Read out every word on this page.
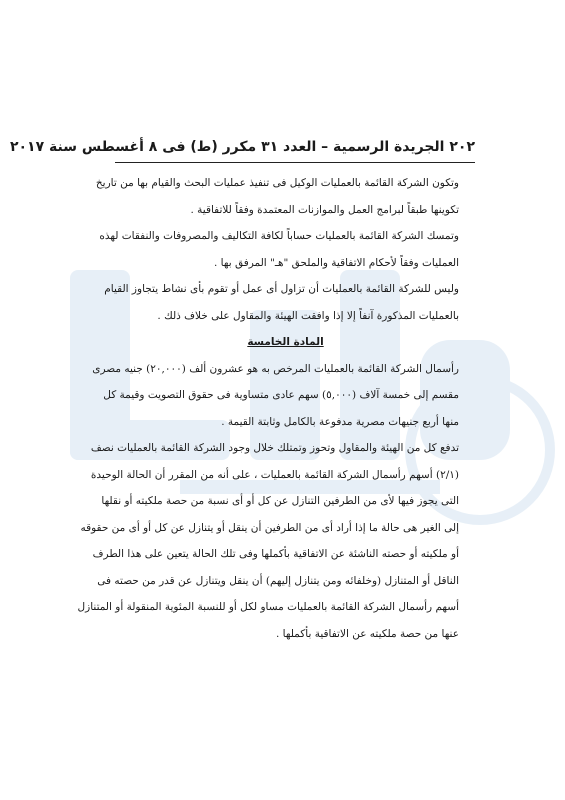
٢٠٢ الجريدة الرسمية – العدد ٣١ مكرر (ط) فى ٨ أغسطس سنة ٢٠١٧
وتكون الشركة القائمة بالعمليات الوكيل فى تنفيذ عمليات البحث والقيام بها من تاريخ
تكوينها طبقاً لبرامج العمل والموازنات المعتمدة وفقاً للاتفاقية .
وتمسك الشركة القائمة بالعمليات حساباً لكافة التكاليف والمصروفات والنفقات لهذه
العمليات وفقاً لأحكام الاتفاقية والملحق "هـ" المرفق بها .
وليس للشركة القائمة بالعمليات أن تزاول أى عمل أو تقوم بأى نشاط يتجاوز القيام
بالعمليات المذكورة آنفاً إلا إذا وافقت الهيئة والمقاول على خلاف ذلك .
المادة الخامسة
رأسمال الشركة القائمة بالعمليات المرخص به هو عشرون ألف (٢٠,٠٠٠) جنيه مصرى
مقسم إلى خمسة آلاف (٥,٠٠٠) سهم عادى متساوية فى حقوق التصويت وقيمة كل
منها أربع جنيهات مصرية مدفوعة بالكامل وثابتة القيمة .
تدفع كل من الهيئة والمقاول وتحوز وتمتلك خلال وجود الشركة القائمة بالعمليات نصف
(٢/١) أسهم رأسمال الشركة القائمة بالعمليات ، على أنه من المقرر أن الحالة الوحيدة
التى يجوز فيها لأى من الطرفين التنازل عن كل أو أى نسبة من حصة ملكيته أو نقلها
إلى الغير هى حالة ما إذا أراد أى من الطرفين أن ينقل أو يتنازل عن كل أو أى من حقوقه
أو ملكيته أو حصته الناشئة عن الاتفاقية بأكملها وفى تلك الحالة يتعين على هذا الطرف
الناقل أو المتنازل (وخلفائه ومن يتنازل إليهم) أن ينقل ويتنازل عن قدر من حصته فى
أسهم رأسمال الشركة القائمة بالعمليات مساو لكل أو للنسبة المئوية المنقولة أو المتنازل
عنها من حصة ملكيته عن الاتفاقية بأكملها .
